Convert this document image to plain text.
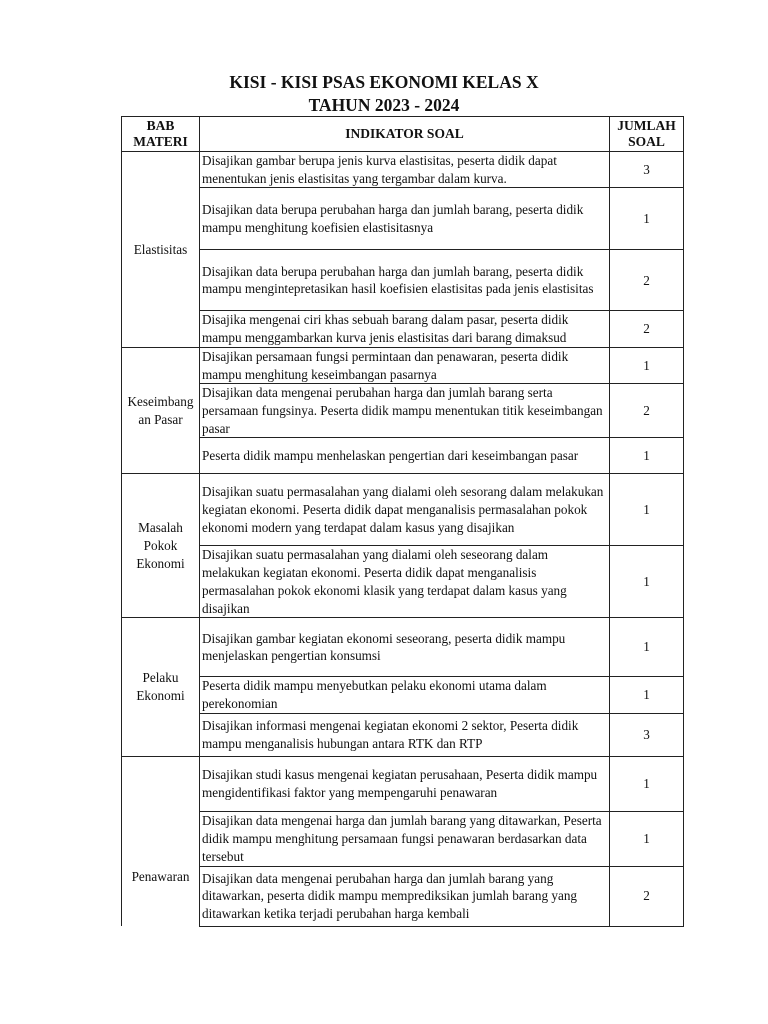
KISI - KISI PSAS EKONOMI KELAS X
TAHUN 2023 - 2024
BAB MATERI	INDIKATOR SOAL	JUMLAH SOAL
Elastisitas	Disajikan gambar berupa jenis kurva elastisitas, peserta didik dapat menentukan jenis elastisitas yang tergambar dalam kurva.	3
	Disajikan data berupa perubahan harga dan jumlah barang, peserta didik mampu menghitung koefisien elastisitasnya	1
	Disajikan data berupa perubahan harga dan jumlah barang, peserta didik mampu mengintepretasikan hasil koefisien elastisitas pada jenis elastisitas	2
	Disajika mengenai ciri khas sebuah barang dalam pasar, peserta didik mampu menggambarkan kurva jenis elastisitas dari barang dimaksud	2
Keseimbang an Pasar	Disajikan persamaan fungsi permintaan dan penawaran, peserta didik mampu menghitung keseimbangan pasarnya	1
	Disajikan data mengenai perubahan harga dan jumlah barang serta persamaan fungsinya. Peserta didik mampu menentukan titik keseimbangan pasar	2
	Peserta didik mampu menhelaskan pengertian dari keseimbangan pasar	1
Masalah Pokok Ekonomi	Disajikan suatu permasalahan yang dialami oleh sesorang dalam melakukan kegiatan ekonomi. Peserta didik dapat menganalisis permasalahan pokok ekonomi modern yang terdapat dalam kasus yang disajikan	1
	Disajikan suatu permasalahan yang dialami oleh seseorang dalam melakukan kegiatan ekonomi. Peserta didik dapat menganalisis permasalahan pokok ekonomi klasik yang terdapat dalam kasus yang disajikan	1
Pelaku Ekonomi	Disajikan gambar kegiatan ekonomi seseorang, peserta didik mampu menjelaskan pengertian konsumsi	1
	Peserta didik mampu menyebutkan pelaku ekonomi utama dalam perekonomian	1
	Disajikan informasi mengenai kegiatan ekonomi 2 sektor, Peserta didik mampu menganalisis hubungan antara RTK dan RTP	3
Penawaran	Disajikan studi kasus mengenai kegiatan perusahaan, Peserta didik mampu mengidentifikasi faktor yang mempengaruhi penawaran	1
	Disajikan data mengenai harga dan jumlah barang yang ditawarkan, Peserta didik mampu menghitung persamaan fungsi penawaran berdasarkan data tersebut	1
	Disajikan data mengenai perubahan harga dan jumlah barang yang ditawarkan, peserta didik mampu memprediksikan jumlah barang yang ditawarkan ketika terjadi perubahan harga kembali	2
